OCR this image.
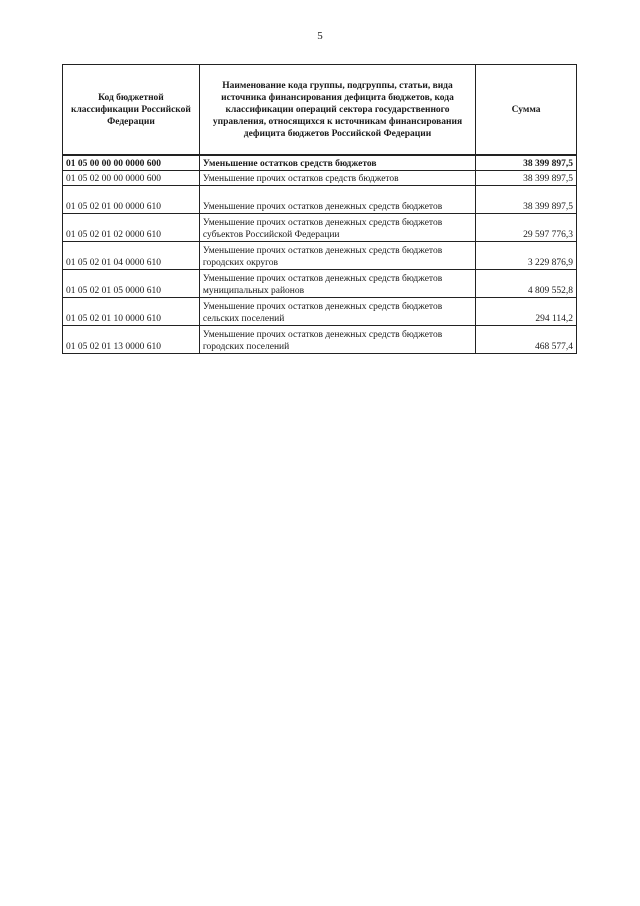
5
Код бюджетной классификации Российской Федерации	Наименование кода группы, подгруппы, статьи, вида источника финансирования дефицита бюджетов, кода классификации операций сектора государственного управления, относящихся к источникам финансирования дефицита бюджетов Российской Федерации	Сумма
01 05 00 00 00 0000 600	Уменьшение остатков средств бюджетов	38 399 897,5
01 05 02 00 00 0000 600	Уменьшение прочих остатков средств бюджетов	38 399 897,5
01 05 02 01 00 0000 610	Уменьшение прочих остатков денежных средств бюджетов	38 399 897,5
01 05 02 01 02 0000 610	Уменьшение прочих остатков денежных средств бюджетов субъектов Российской Федерации	29 597 776,3
01 05 02 01 04 0000 610	Уменьшение прочих остатков денежных средств бюджетов городских округов	3 229 876,9
01 05 02 01 05 0000 610	Уменьшение прочих остатков денежных средств бюджетов муниципальных районов	4 809 552,8
01 05 02 01 10 0000 610	Уменьшение прочих остатков денежных средств бюджетов сельских поселений	294 114,2
01 05 02 01 13 0000 610	Уменьшение прочих остатков денежных средств бюджетов городских поселений	468 577,4
